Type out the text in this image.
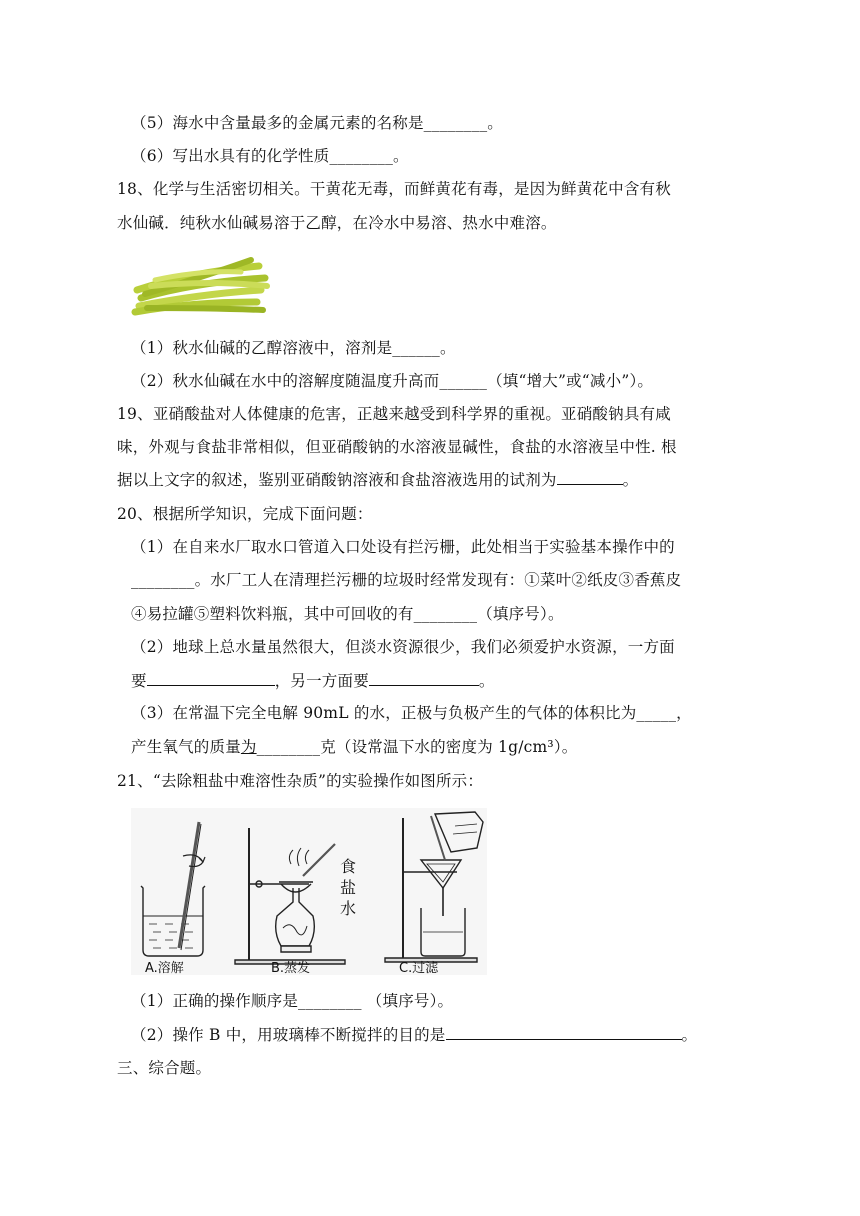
（5）海水中含量最多的金属元素的名称是________。
（6）写出水具有的化学性质________。
18、化学与生活密切相关。干黄花无毒，而鲜黄花有毒，是因为鲜黄花中含有秋
水仙碱．纯秋水仙碱易溶于乙醇，在冷水中易溶、热水中难溶。
（1）秋水仙碱的乙醇溶液中，溶剂是______。
（2）秋水仙碱在水中的溶解度随温度升高而______（填“增大”或“减小”）。
19、亚硝酸盐对人体健康的危害，正越来越受到科学界的重视。亚硝酸钠具有咸
味，外观与食盐非常相似，但亚硝酸钠的水溶液显碱性，食盐的水溶液呈中性. 根
据以上文字的叙述，鉴别亚硝酸钠溶液和食盐溶液选用的试剂为	。
20、根据所学知识，完成下面问题：
（1）在自来水厂取水口管道入口处设有拦污栅，此处相当于实验基本操作中的
________。水厂工人在清理拦污栅的垃圾时经常发现有：①菜叶②纸皮③香蕉皮
④易拉罐⑤塑料饮料瓶，其中可回收的有________（填序号）。
（2）地球上总水量虽然很大，但淡水资源很少，我们必须爱护水资源，一方面
要	，另一方面要	。
（3）在常温下完全电解 90mL 的水，正极与负极产生的气体的体积比为_____，
产生氧气的质量为________克（设常温下水的密度为 1g/cm³）。
21、“去除粗盐中难溶性杂质”的实验操作如图所示：
食
盐
水
A.溶解	B.蒸发	C.过滤
（1）正确的操作顺序是________ （填序号）。
（2）操作 B 中，用玻璃棒不断搅拌的目的是	。
三、综合题。
